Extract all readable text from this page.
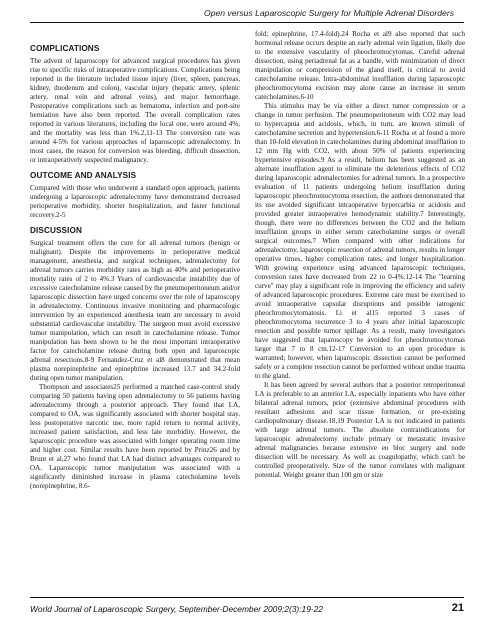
Open versus Laparoscopic Surgery for Multiple Adrenal Disorders
COMPLICATIONS

The advent of laparoscopy for advanced surgical procedures has given rise to specific risks of intraoperative complications. Complications being reported in the literature included tissue injury (liver, spleen, pancreas, kidney, duodenum and colon), vascular injury (hepatic artery, splenic artery, renal vein and adrenal veins), and major hemorrhage. Postoperative complications such as hematoma, infection and port-site herniation have also been reported. The overall complication rates reported in various literatures, including the local one, were around 4%, and the mortality was less than 1%.2,11-13 The conversion rate was around 4-5% for various approaches of laparoscopic adrenalectomy. In most cases, the reason for conversion was bleeding, difficult dissection, or intraoperatively suspected malignancy.

OUTCOME AND ANALYSIS

Compared with those who underwent a standard open approach, patients undergoing a laparoscopic adrenalectomy have demonstrated decreased perioperative morbidity, shorter hospitalization, and faster functional recovery.2-5

DISCUSSION

Surgical treatment offers the cure for all adrenal tumors (benign or malignant). Despite the improvements in perioperative medical management, anesthesia, and surgical techniques, adrenalectomy for adrenal tumors carries morbidity rates as high as 40% and perioperative mortality rates of 2 to 4%.3 Years of cardiovascular instability due of excessive catecholamine release caused by the pneumoperitoneum and/or laparoscopic dissection have urged concerns over the role of laparoscopy in adrenalectomy. Continuous invasive monitoring and pharmacologic intervention by an experienced anesthesia team are necessary to avoid substantial cardiovascular instability. The surgeon must avoid excessive tumor manipulation, which can result in catecholamine release. Tumor manipulation has been shown to be the most important intraoperative factor for catecholamine release during both open and laparoscopic adrenal resections.8-9 Fernandez-Cruz et al8 demonstrated that mean plasma norepinephrine and epinephrine increased 13.7 and 34.2-fold during open tumor manipulation.

Thompson and associates25 performed a matched case-control study comparing 50 patients having open adrenalectomy to 56 patients having adrenalectomy through a posterior approach. They found that LA, compared to OA, was significantly associated with shorter hospital stay, less postoperative narcotic use, more rapid return to normal activity, increased patient satisfaction, and less late morbidity. However, the laparoscopic procedure was associated with longer operating room time and higher cost. Similar results have been reported by Prinz26 and by Brunt et al,27 who found that LA had distinct advantages compared to OA. Laparoscopic tumor manipulation was associated with a significantly diminished increase in plasma catecholamine levels (norepinephrine, 8.6-

fold; epinephrine, 17.4-fold).24 Rocha et al9 also reported that such hormonal release occurs despite an early adrenal vein ligation, likely due to the extensive vascularity of pheochromocytomas. Careful adrenal dissection, using periadrenal fat as a handle, with minimization of direct manipulation or compression of the gland itself, is critical to avoid catecholamine release. Intra-abdominal insufflation during laparoscopic pheochromocytoma excision may alone cause an increase in serum catecholamines.6-10

This stimulus may be via either a direct tumor compression or a change in tumor perfusion. The pneumoperitoneum with CO2 may lead to hypercapnia and acidosis, which, in turn, are known stimuli of catecholamine secretion and hypertension.6-11 Rocha et al found a more than 10-fold elevation in catecholamines during abdominal insufflation to 12 mm Hg with CO2, with about 50% of patients experiencing hypertensive episodes.9 As a result, helium has been suggested as an alternate insufflation agent to eliminate the deleterious effects of CO2 during laparoscopic adrenalectomies for adrenal tumors. In a prospective evaluation of 11 patients undergoing helium insufflation during laparoscopic pheochromocytoma resection, the authors demonstrated that its use avoided significant intraoperative hypercarbia or acidosis and provided greater intraoperative hemodynamic stability.7 Interestingly, though, there were no differences between the CO2 and the helium insufflation groups in either serum catecholamine surges or overall surgical outcomes.7 When compared with other indications for adrenalectomy, laparoscopic resection of adrenal tumors, results in longer operative times, higher complication rates, and longer hospitalization. With growing experience using advanced laparoscopic techniques, conversion rates have decreased from 22 to 0-4%.12-14 The "learning curve" may play a significant role in improving the efficiency and safety of advanced laparoscopic procedures. Extreme care must be exercised to avoid intraoperative capsular disruptions and possible iatrogenic pheochromocytomatosis. Li et al15 reported 3 cases of pheochromocytoma recurrence 3 to 4 years after initial laparoscopic resection and possible tumor spillage. As a result, many investigators have suggested that laparoscopy be avoided for pheochromocytomas larger that 7 to 8 cm.12-17 Conversion to an open procedure is warranted; however, when laparoscopic dissection cannot be performed safely or a complete resection cannot be performed without undue trauma to the gland.

It has been agreed by several authors that a posterior retroperitoneal LA is preferable to an anterior LA, especially inpatients who have either bilateral adrenal tumors, prior (extensive abdominal procedures with resultant adhesions and scar tissue formation, or pre-existing cardiopulmonary disease.18,19 Posterior LA is not indicated in patients with large adrenal tumors. The absolute contraindications for laparoscopic adrenalectomy include primary or metastatic invasive adrenal malignancies because extensive en bloc surgery and node dissection will be necessary. As well as coagulopathy, which can't be controlled preoperatively. Size of the tumor correlates with malignant potential. Weight greater than 100 gm or size

World Journal of Laparoscopic Surgery, September-December 2009;2(3):19-22	21
